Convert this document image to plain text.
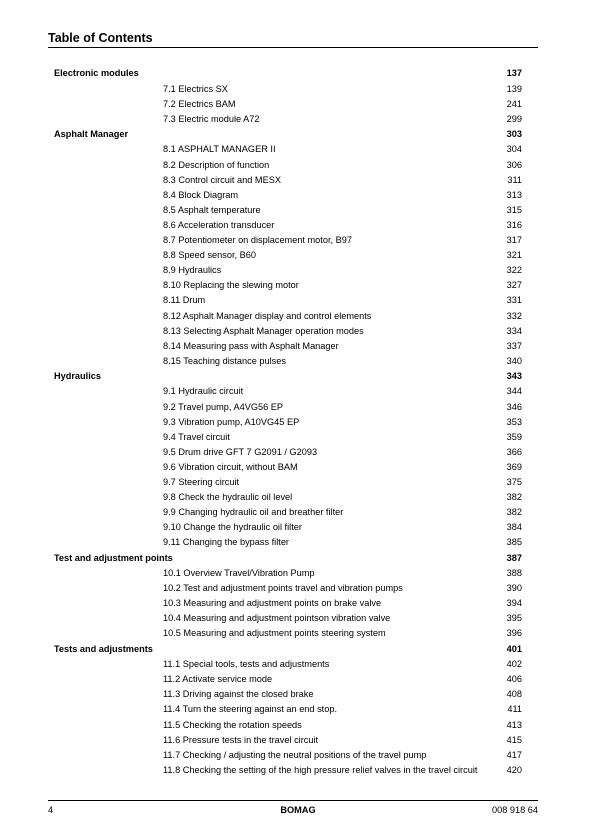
Table of Contents
Electronic modules	137
7.1 Electrics SX	139
7.2 Electrics BAM	241
7.3 Electric module A72	299
Asphalt Manager	303
8.1 ASPHALT MANAGER II	304
8.2 Description of function	306
8.3 Control circuit and MESX	311
8.4 Block Diagram	313
8.5 Asphalt temperature	315
8.6 Acceleration transducer	316
8.7 Potentiometer on displacement motor, B97	317
8.8 Speed sensor, B60	321
8.9 Hydraulics	322
8.10 Replacing the slewing motor	327
8.11 Drum	331
8.12 Asphalt Manager display and control elements	332
8.13 Selecting Asphalt Manager operation modes	334
8.14 Measuring pass with Asphalt Manager	337
8.15 Teaching distance pulses	340
Hydraulics	343
9.1 Hydraulic circuit	344
9.2 Travel pump, A4VG56 EP	346
9.3 Vibration pump, A10VG45 EP	353
9.4 Travel circuit	359
9.5 Drum drive GFT 7 G2091 / G2093	366
9.6 Vibration circuit, without BAM	369
9.7 Steering circuit	375
9.8 Check the hydraulic oil level	382
9.9 Changing hydraulic oil and breather filter	382
9.10 Change the hydraulic oil filter	384
9.11 Changing the bypass filter	385
Test and adjustment points	387
10.1 Overview Travel/Vibration Pump	388
10.2 Test and adjustment points travel and vibration pumps	390
10.3 Measuring and adjustment points on brake valve	394
10.4 Measuring and adjustment pointson vibration valve	395
10.5 Measuring and adjustment points steering system	396
Tests and adjustments	401
11.1 Special tools, tests and adjustments	402
11.2 Activate service mode	406
11.3 Driving against the closed brake	408
11.4 Turn the steering against an end stop.	411
11.5 Checking the rotation speeds	413
11.6 Pressure tests in the travel circuit	415
11.7 Checking / adjusting the neutral positions of the travel pump	417
11.8 Checking the setting of the high pressure relief valves in the travel circuit	420
4	BOMAG	008 918 64
